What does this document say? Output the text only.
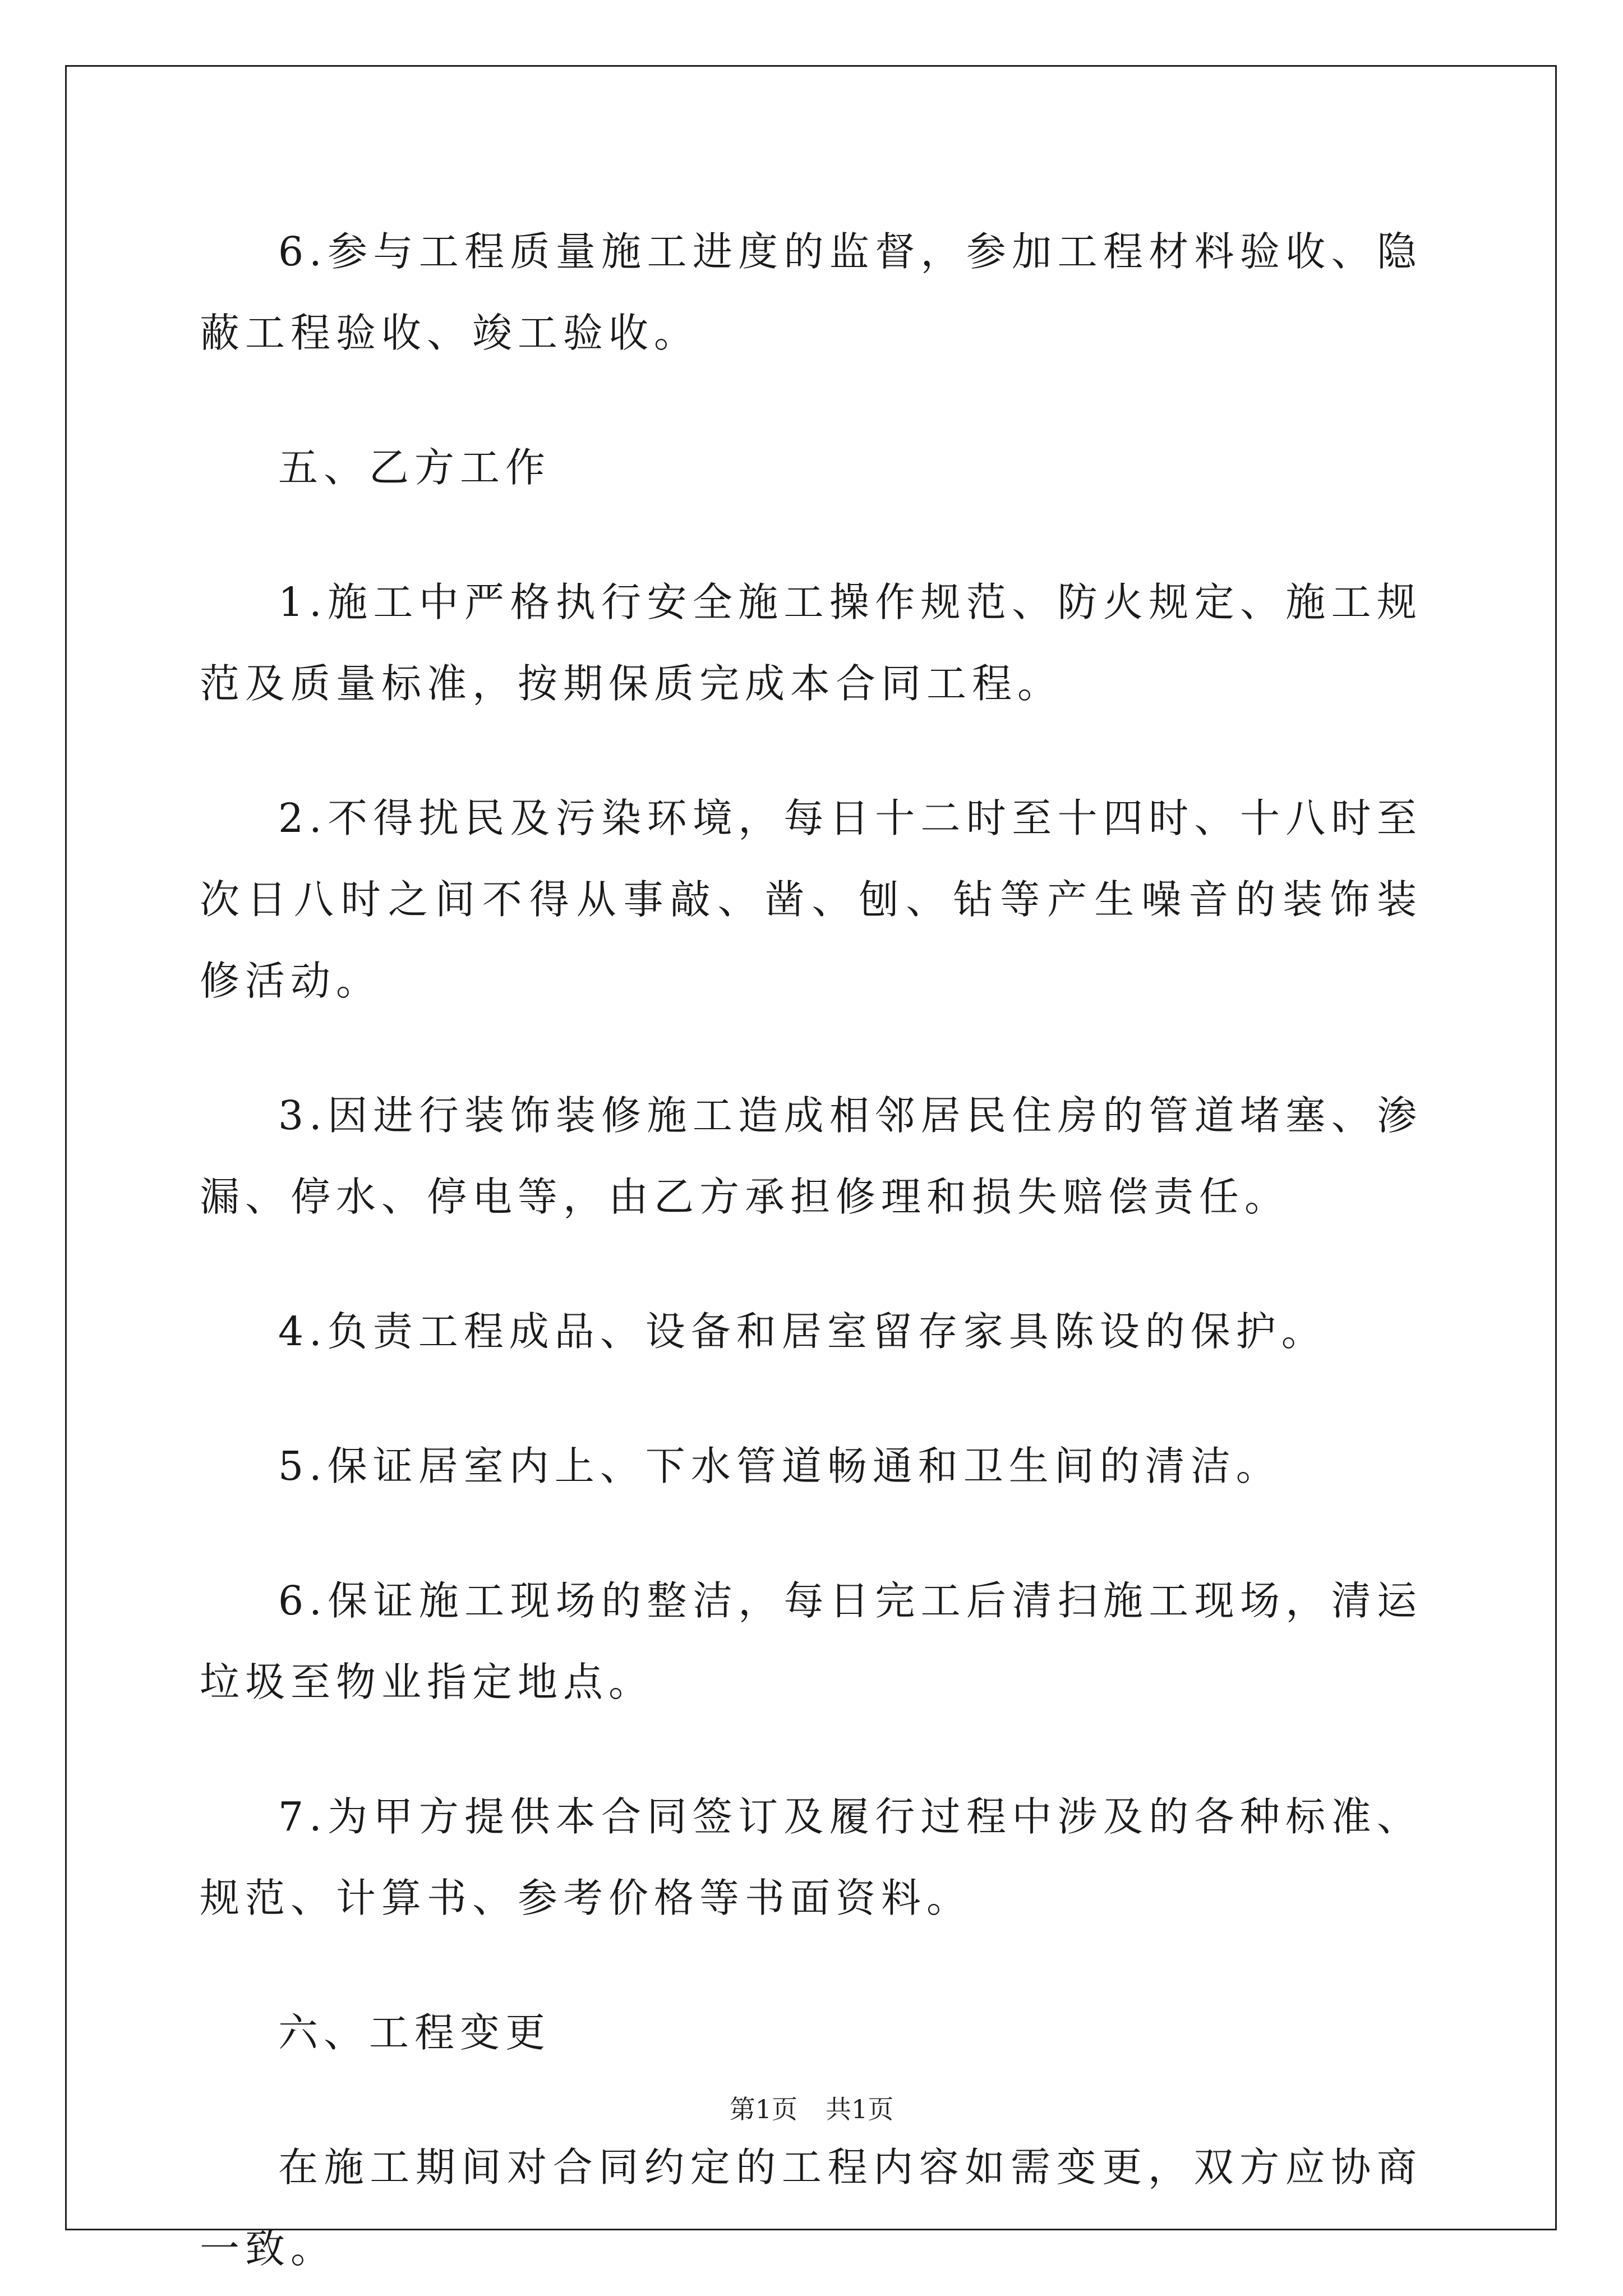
6.参与工程质量施工进度的监督，参加工程材料验收、隐蔽工程验收、竣工验收。

五、乙方工作

1.施工中严格执行安全施工操作规范、防火规定、施工规范及质量标准，按期保质完成本合同工程。

2.不得扰民及污染环境，每日十二时至十四时、十八时至次日八时之间不得从事敲、凿、刨、钻等产生噪音的装饰装修活动。

3.因进行装饰装修施工造成相邻居民住房的管道堵塞、渗漏、停水、停电等，由乙方承担修理和损失赔偿责任。

4.负责工程成品、设备和居室留存家具陈设的保护。

5.保证居室内上、下水管道畅通和卫生间的清洁。

6.保证施工现场的整洁，每日完工后清扫施工现场，清运垃圾至物业指定地点。

7.为甲方提供本合同签订及履行过程中涉及的各种标准、规范、计算书、参考价格等书面资料。

六、工程变更

在施工期间对合同约定的工程内容如需变更，双方应协商一致。

第1页 共1页
